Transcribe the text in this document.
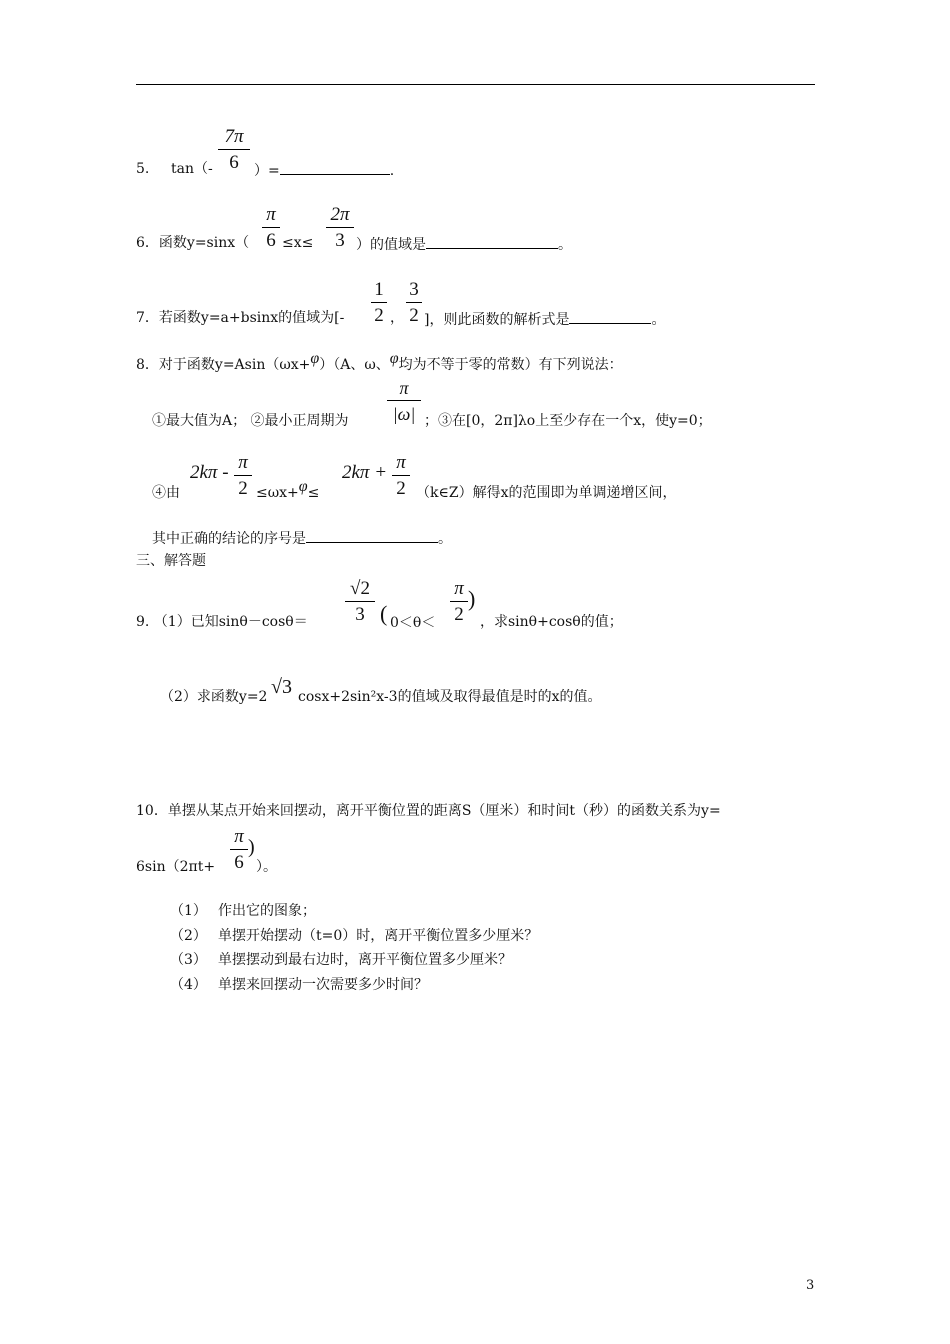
5. tan（-
7π
6	）=	.
6．函数y=sinx（
π
6 ≤x≤
2π
3 ）的值域是	。
7．若函数y=a+bsinx的值域为[-
1
2 ，
3
2 ]，则此函数的解析式是	。
8．对于函数y=Asin（ωx+φ）（A、ω、φ均为不等于零的常数）有下列说法：
①最大值为A； ②最小正周期为
π
|ω| ；③在[0，2π]λo上至少存在一个x，使y=0；
④由
2kπ - π
2 ≤ωx+φ≤
2kπ + π
2 （k∈Z）解得x的范围即为单调递增区间，
其中正确的结论的序号是	。
三、解答题
9. （1）已知sinθ－cosθ＝
√2
3 ( 0＜θ＜
π
2
)
，求sinθ+cosθ的值；
（2）求函数y=2 √3 cosx+2sin²x-3的值域及取得最值是时的x的值。
10．单摆从某点开始来回摆动，离开平衡位置的距离S（厘米）和时间t（秒）的函数关系为y=
π
6
)
6sin（2πt+	）。
（1） 作出它的图象；
（2） 单摆开始摆动（t=0）时，离开平衡位置多少厘米？
（3） 单摆摆动到最右边时，离开平衡位置多少厘米？
（4） 单摆来回摆动一次需要多少时间？
3
